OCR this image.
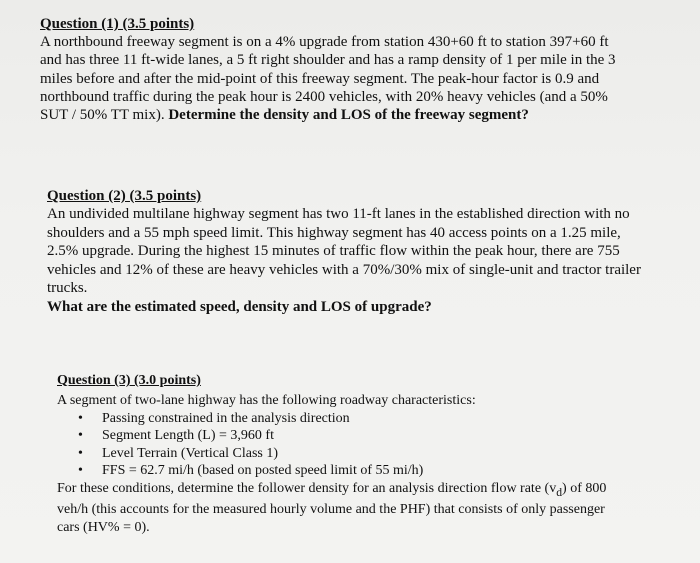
Question (1) (3.5 points)

A northbound freeway segment is on a 4% upgrade from station 430+60 ft to station 397+60 ft

and has three 11 ft-wide lanes, a 5 ft right shoulder and has a ramp density of 1 per mile in the 3

miles before and after the mid-point of this freeway segment. The peak-hour factor is 0.9 and

northbound traffic during the peak hour is 2400 vehicles, with 20% heavy vehicles (and a 50%

SUT / 50% TT mix). Determine the density and LOS of the freeway segment?

Question (2) (3.5 points)

An undivided multilane highway segment has two 11-ft lanes in the established direction with no

shoulders and a 55 mph speed limit. This highway segment has 40 access points on a 1.25 mile,

2.5% upgrade. During the highest 15 minutes of traffic flow within the peak hour, there are 755

vehicles and 12% of these are heavy vehicles with a 70%/30% mix of single-unit and tractor trailer

trucks.

What are the estimated speed, density and LOS of upgrade?

Question (3) (3.0 points)

A segment of two-lane highway has the following roadway characteristics:

• Passing constrained in the analysis direction
• Segment Length (L) = 3,960 ft
• Level Terrain (Vertical Class 1)
• FFS = 62.7 mi/h (based on posted speed limit of 55 mi/h)

For these conditions, determine the follower density for an analysis direction flow rate $(v_d)$ of 800

veh/h (this accounts for the measured hourly volume and the PHF) that consists of only passenger

cars (HV% = 0).
